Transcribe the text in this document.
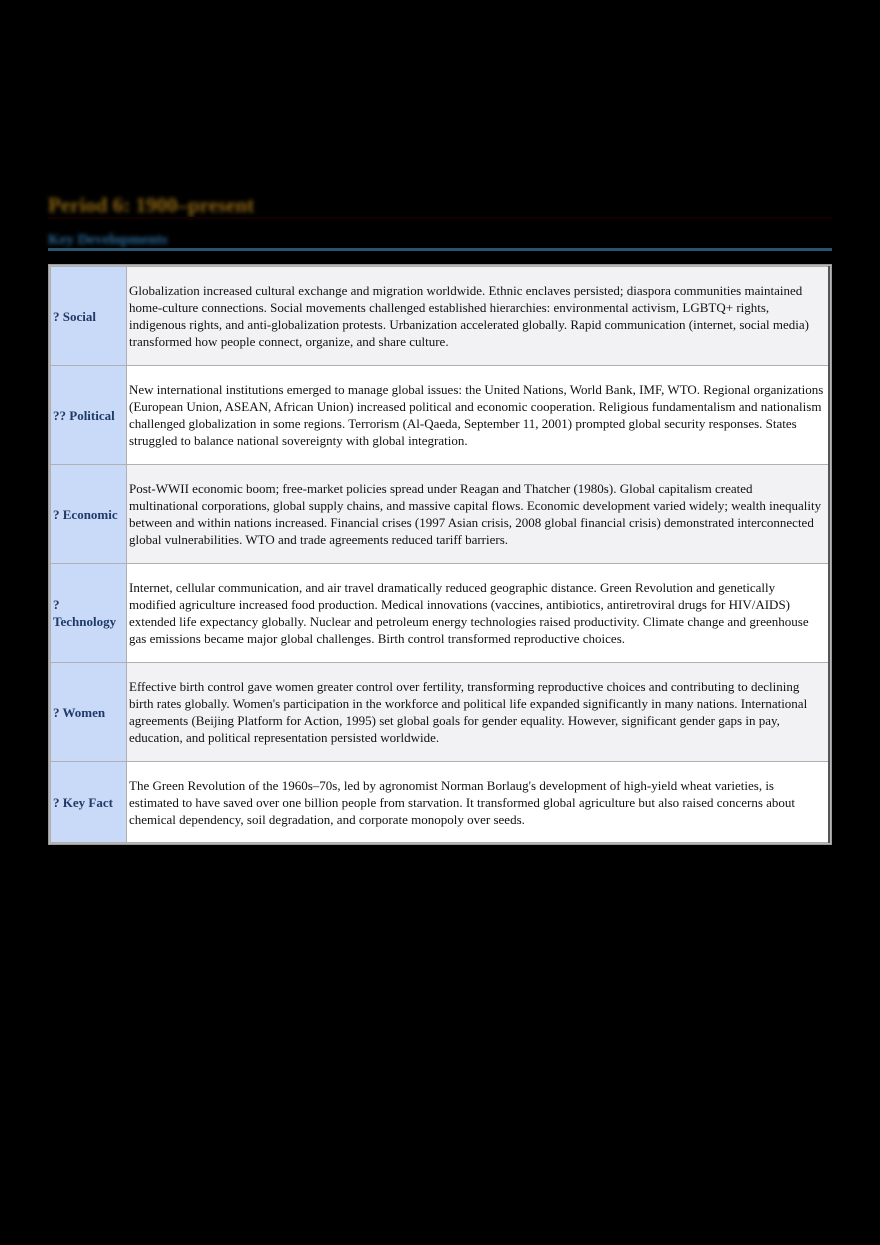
Period 6: 1900–present
Key Developments
? Social	Globalization increased cultural exchange and migration worldwide. Ethnic enclaves persisted; diaspora communities maintained home-culture connections. Social movements challenged established hierarchies: environmental activism, LGBTQ+ rights, indigenous rights, and anti-globalization protests. Urbanization accelerated globally. Rapid communication (internet, social media) transformed how people connect, organize, and share culture.
?? Political	New international institutions emerged to manage global issues: the United Nations, World Bank, IMF, WTO. Regional organizations (European Union, ASEAN, African Union) increased political and economic cooperation. Religious fundamentalism and nationalism challenged globalization in some regions. Terrorism (Al-Qaeda, September 11, 2001) prompted global security responses. States struggled to balance national sovereignty with global integration.
? Economic	Post-WWII economic boom; free-market policies spread under Reagan and Thatcher (1980s). Global capitalism created multinational corporations, global supply chains, and massive capital flows. Economic development varied widely; wealth inequality between and within nations increased. Financial crises (1997 Asian crisis, 2008 global financial crisis) demonstrated interconnected global vulnerabilities. WTO and trade agreements reduced tariff barriers.
? Technology	Internet, cellular communication, and air travel dramatically reduced geographic distance. Green Revolution and genetically modified agriculture increased food production. Medical innovations (vaccines, antibiotics, antiretroviral drugs for HIV/AIDS) extended life expectancy globally. Nuclear and petroleum energy technologies raised productivity. Climate change and greenhouse gas emissions became major global challenges. Birth control transformed reproductive choices.
? Women	Effective birth control gave women greater control over fertility, transforming reproductive choices and contributing to declining birth rates globally. Women's participation in the workforce and political life expanded significantly in many nations. International agreements (Beijing Platform for Action, 1995) set global goals for gender equality. However, significant gender gaps in pay, education, and political representation persisted worldwide.
? Key Fact	The Green Revolution of the 1960s–70s, led by agronomist Norman Borlaug's development of high-yield wheat varieties, is estimated to have saved over one billion people from starvation. It transformed global agriculture but also raised concerns about chemical dependency, soil degradation, and corporate monopoly over seeds.
